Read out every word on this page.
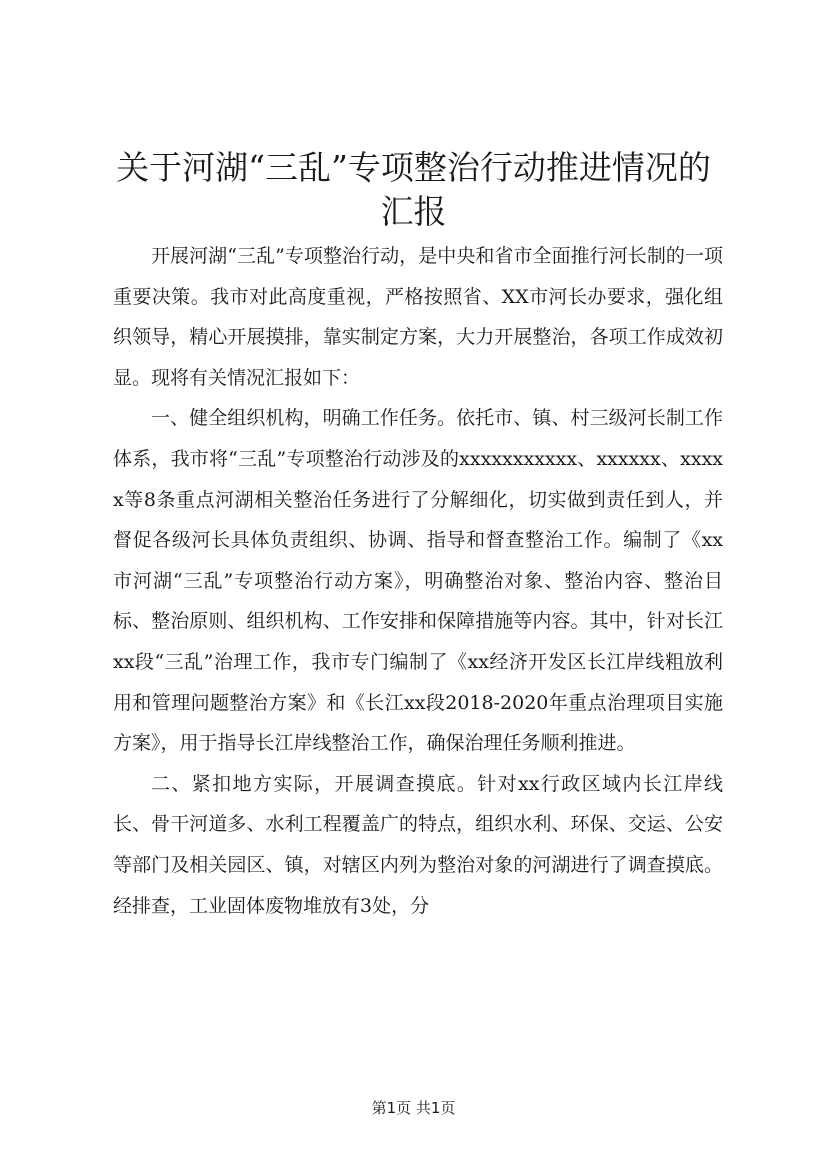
关于河湖“三乱”专项整治行动推进情况的汇报

开展河湖“三乱”专项整治行动，是中央和省市全面推行河长制的一项重要决策。我市对此高度重视，严格按照省、XX市河长办要求，强化组织领导，精心开展摸排，靠实制定方案，大力开展整治，各项工作成效初显。现将有关情况汇报如下：

一、健全组织机构，明确工作任务。依托市、镇、村三级河长制工作体系，我市将“三乱”专项整治行动涉及的xxxxxxxxxxx、xxxxxx、xxxxx等8条重点河湖相关整治任务进行了分解细化，切实做到责任到人，并督促各级河长具体负责组织、协调、指导和督查整治工作。编制了《xx市河湖“三乱”专项整治行动方案》，明确整治对象、整治内容、整治目标、整治原则、组织机构、工作安排和保障措施等内容。其中，针对长江xx段“三乱”治理工作，我市专门编制了《xx经济开发区长江岸线粗放利用和管理问题整治方案》和《长江xx段2018-2020年重点治理项目实施方案》，用于指导长江岸线整治工作，确保治理任务顺利推进。

二、紧扣地方实际，开展调查摸底。针对xx行政区域内长江岸线长、骨干河道多、水利工程覆盖广的特点，组织水利、环保、交运、公安等部门及相关园区、镇，对辖区内列为整治对象的河湖进行了调查摸底。经排查，工业固体废物堆放有3处，分

第1页 共1页
